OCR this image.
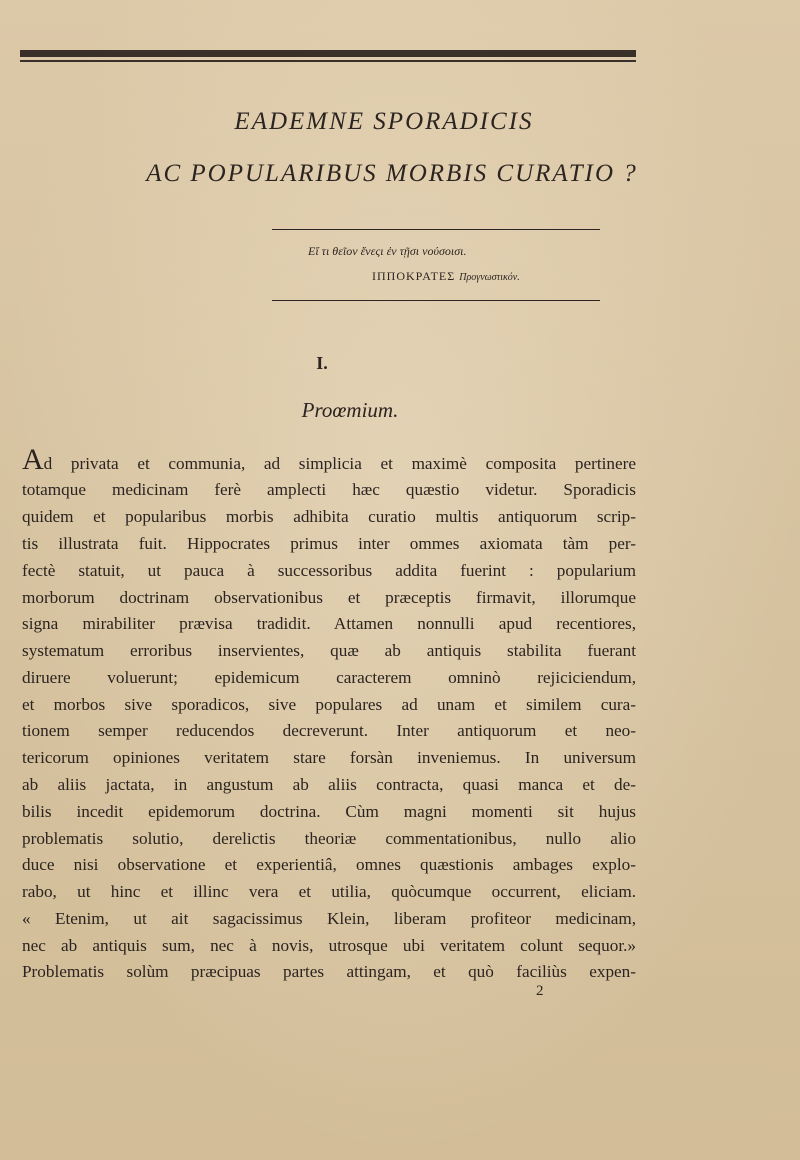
EADEMNE SPORADICIS
AC POPULARIBUS MORBIS CURATIO ?
Εἴ τι θεῖον ἔνεςι ἐν τῇσι νούσοισι.
ΙΠΠΟΚΡΑΤΕΣ Προγνωστικόν.
I.
Proœmium.
Ad privata et communia, ad simplicia et maximè composita pertinere
totamque medicinam ferè amplecti hæc quæstio videtur. Sporadicis
quidem et popularibus morbis adhibita curatio multis antiquorum scrip-
tis illustrata fuit. Hippocrates primus inter ommes axiomata tàm per-
fectè statuit, ut pauca à successoribus addita fuerint : popularium
morborum doctrinam observationibus et præceptis firmavit, illorumque
signa mirabiliter prævisa tradidit. Attamen nonnulli apud recentiores,
systematum erroribus inservientes, quæ ab antiquis stabilita fuerant
diruere voluerunt; epidemicum caracterem omninò rejiciciendum,
et morbos sive sporadicos, sive populares ad unam et similem cura-
tionem semper reducendos decreverunt. Inter antiquorum et neo-
tericorum opiniones veritatem stare forsàn inveniemus. In universum
ab aliis jactata, in angustum ab aliis contracta, quasi manca et de-
bilis incedit epidemorum doctrina. Cùm magni momenti sit hujus
problematis solutio, derelictis theoriæ commentationibus, nullo alio
duce nisi observatione et experientiâ, omnes quæstionis ambages explo-
rabo, ut hinc et illinc vera et utilia, quòcumque occurrent, eliciam.
« Etenim, ut ait sagacissimus Klein, liberam profiteor medicinam,
nec ab antiquis sum, nec à novis, utrosque ubi veritatem colunt sequor.»
Problematis solùm præcipuas partes attingam, et quò faciliùs expen-
2
